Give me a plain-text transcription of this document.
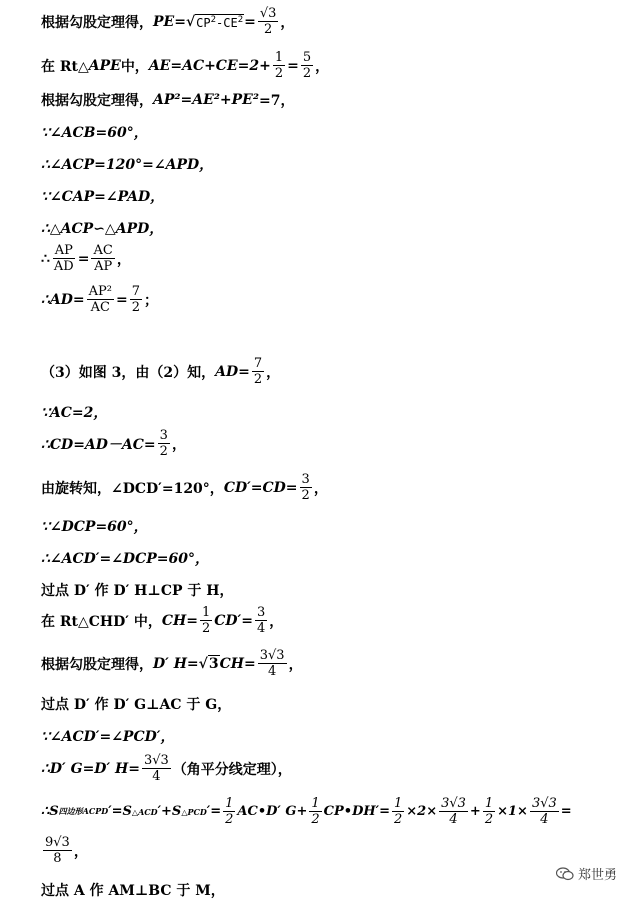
根据勾股定理得， PE = √ $CP^2-CE^2 = \frac{√3}{2}$ ，
在 Rt△ APE 中， $AE=AC+CE=2+ \frac{1}{2} = \frac{5}{2}$ ，
根据勾股定理得， AP²=AE²+PE² =7，
∵∠ACB=60°，
∴∠ACP=120°=∠APD，
∵∠CAP=∠PAD，
∴△ACP∽△APD，
∴ $\frac{AP}{AD} = \frac{AC}{AP}$ ，
∴AD= $\frac{\text{AP²}}{AC} = \frac{7}{2}$ ；
（3）如图 3，由（2）知， $AD= \frac{7}{2}$ ，
∵AC=2，
∴CD=AD－AC= $\frac{3}{2}$ ，
由旋转知，∠DCD′=120°， $CD'=CD= \frac{3}{2}$ ，
∵∠DCP=60°，
∴∠ACD′=∠DCP=60°，
过点 D′ 作 D′ H⊥CP 于 H，
在 Rt△CHD′ 中， $CH= \frac{1}{2} CD'= \frac{3}{4}$ ，
根据勾股定理得， D′ H= √ 3 $CH= \frac{3√3}{4}$ ，
过点 D′ 作 D′ G⊥AC 于 G，
∵∠ACD′=∠PCD′，
∴D′ G=D′ $H= \frac{3√3}{4}$ （角平分线定理），
∴S 四边形ACPD ′=S △ACD ′+S △PCD ′= $\frac{1}{2}$ AC•D′ $G+ \frac{1}{2}$ CP•DH′= $\frac{1}{2} \times 2\times \frac{3√3}{4} + \frac{1}{2} \times 1\times \frac{3√3}{4}$ =
$\frac{9√3}{8}$ ，
过点 A 作 AM⊥BC 于 M，
郑世勇
